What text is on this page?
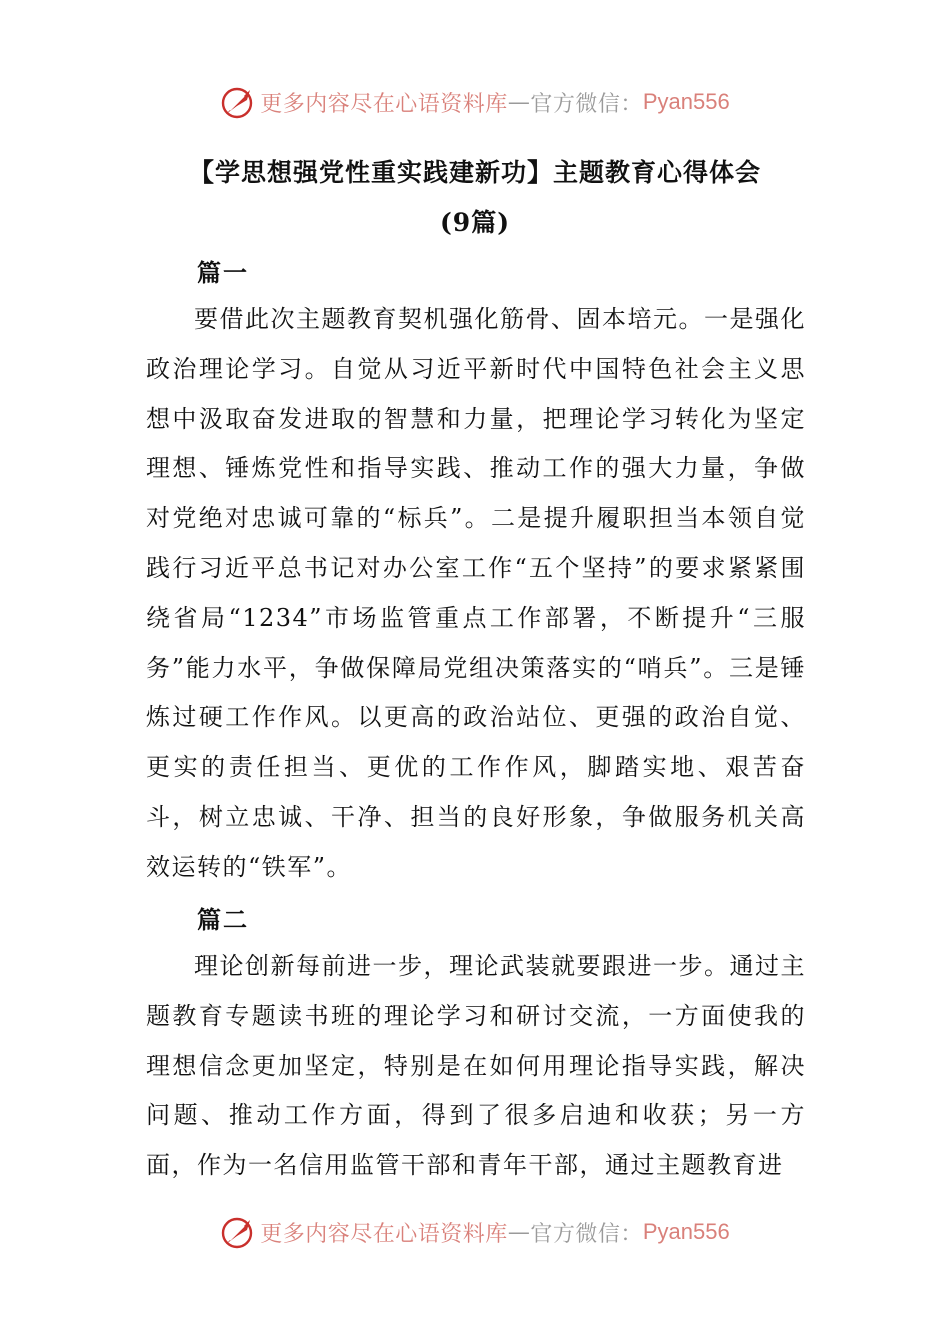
更多内容尽在心语资料库 — 官方微信： Pyan556
【学思想强党性重实践建新功】主题教育心得体会
(9篇)
篇一

要借此次主题教育契机强化筋骨、固本培元。一是强化政治理论学习。自觉从习近平新时代中国特色社会主义思想中汲取奋发进取的智慧和力量，把理论学习转化为坚定理想、锤炼党性和指导实践、推动工作的强大力量，争做对党绝对忠诚可靠的“标兵”。二是提升履职担当本领自觉践行习近平总书记对办公室工作“五个坚持”的要求紧紧围绕省局“1234”市场监管重点工作部署，不断提升“三服务”能力水平，争做保障局党组决策落实的“哨兵”。三是锤炼过硬工作作风。以更高的政治站位、更强的政治自觉、更实的责任担当、更优的工作作风，脚踏实地、艰苦奋斗，树立忠诚、干净、担当的良好形象，争做服务机关高效运转的“铁军”。

篇二

理论创新每前进一步，理论武装就要跟进一步。通过主题教育专题读书班的理论学习和研讨交流，一方面使我的理想信念更加坚定，特别是在如何用理论指导实践，解决问题、推动工作方面，得到了很多启迪和收获；另一方面，作为一名信用监管干部和青年干部，通过主题教育进

更多内容尽在心语资料库 — 官方微信： Pyan556
